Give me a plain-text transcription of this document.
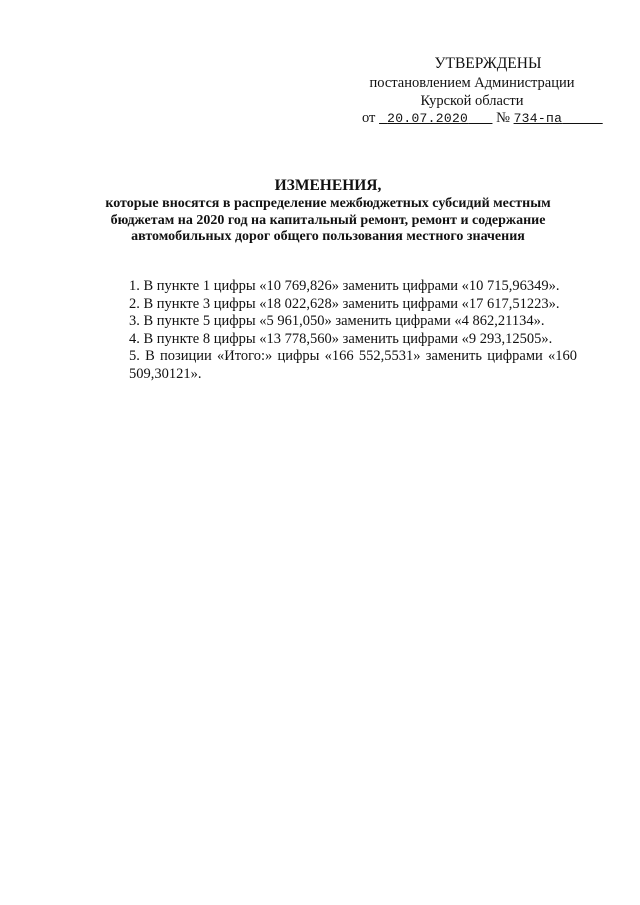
УТВЕРЖДЕНЫ
постановлением Администрации
Курской области
от 20.07.2020 № 734-па
ИЗМЕНЕНИЯ,
которые вносятся в распределение межбюджетных субсидий местным
бюджетам на 2020 год на капитальный ремонт, ремонт и содержание
автомобильных дорог общего пользования местного значения
1. В пункте 1 цифры «10 769,826» заменить цифрами «10 715,96349».
2. В пункте 3 цифры «18 022,628» заменить цифрами «17 617,51223».
3. В пункте 5 цифры «5 961,050» заменить цифрами «4 862,21134».
4. В пункте 8 цифры «13 778,560» заменить цифрами «9 293,12505».
5. В позиции «Итого:» цифры «166 552,5531» заменить цифрами «160 509,30121».
